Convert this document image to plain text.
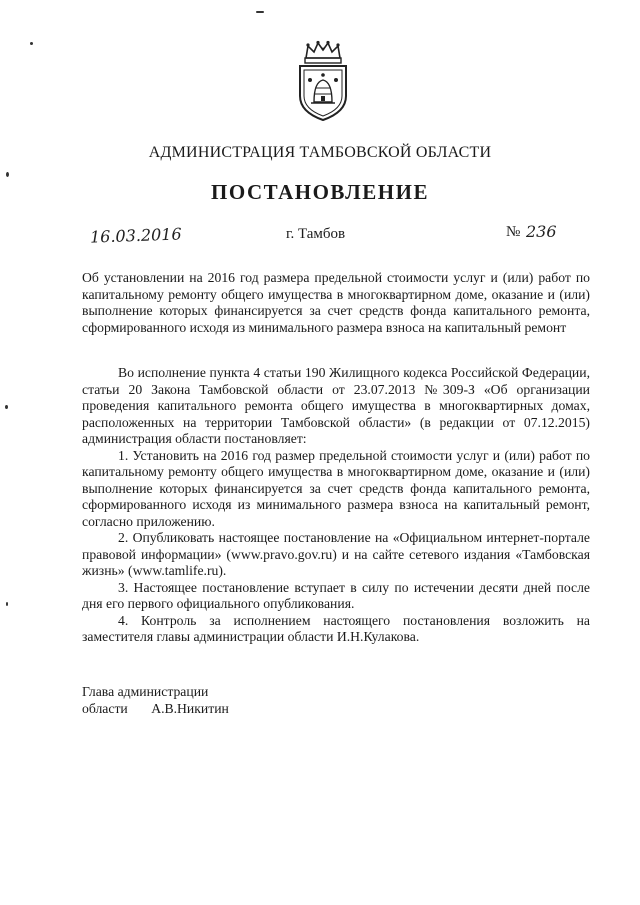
АДМИНИСТРАЦИЯ ТАМБОВСКОЙ ОБЛАСТИ
ПОСТАНОВЛЕНИЕ
16.03.2016	г. Тамбов	№ 236
Об установлении на 2016 год размера предельной стоимости услуг и (или) работ по капитальному ремонту общего имущества в многоквартирном доме, оказание и (или) выполнение которых финансируется за счет средств фонда капитального ремонта, сформированного исходя из минимального размера взноса на капитальный ремонт

Во исполнение пункта 4 статьи 190 Жилищного кодекса Российской Федерации, статьи 20 Закона Тамбовской области от 23.07.2013 №309-З «Об организации проведения капитального ремонта общего имущества в многоквартирных домах, расположенных на территории Тамбовской области» (в редакции от 07.12.2015) администрация области постановляет:

1. Установить на 2016 год размер предельной стоимости услуг и (или) работ по капитальному ремонту общего имущества в многоквартирном доме, оказание и (или) выполнение которых финансируется за счет средств фонда капитального ремонта, сформированного исходя из минимального размера взноса на капитальный ремонт, согласно приложению.

2. Опубликовать настоящее постановление на «Официальном интернет-портале правовой информации» (www.pravo.gov.ru) и на сайте сетевого издания «Тамбовская жизнь» (www.tamlife.ru).

3. Настоящее постановление вступает в силу по истечении десяти дней после дня его первого официального опубликования.

4. Контроль за исполнением настоящего постановления возложить на заместителя главы администрации области И.Н.Кулакова.

Глава администрации
области А.В.Никитин
